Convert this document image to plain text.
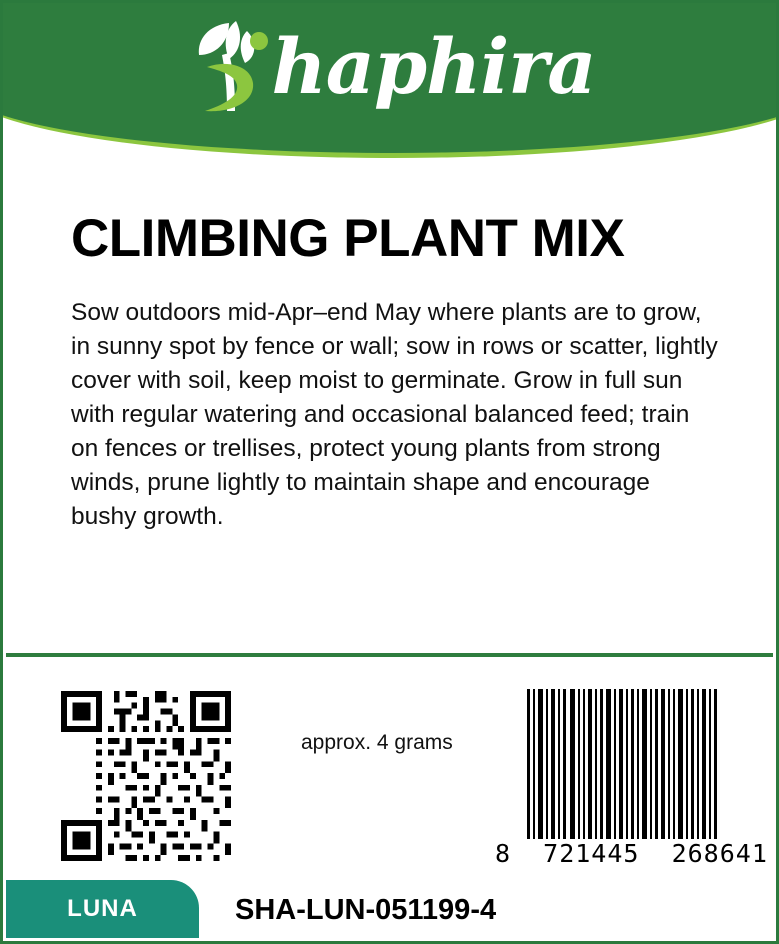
haphira
CLIMBING PLANT MIX
Sow outdoors mid-Apr–end May where plants are to grow, in sunny spot by fence or wall; sow in rows or scatter, lightly cover with soil, keep moist to germinate. Grow in full sun with regular watering and occasional balanced feed; train on fences or trellises, protect young plants from strong winds, prune lightly to maintain shape and encourage bushy growth.
approx. 4 grams
8  721445  268641
LUNA	SHA-LUN-051199-4
